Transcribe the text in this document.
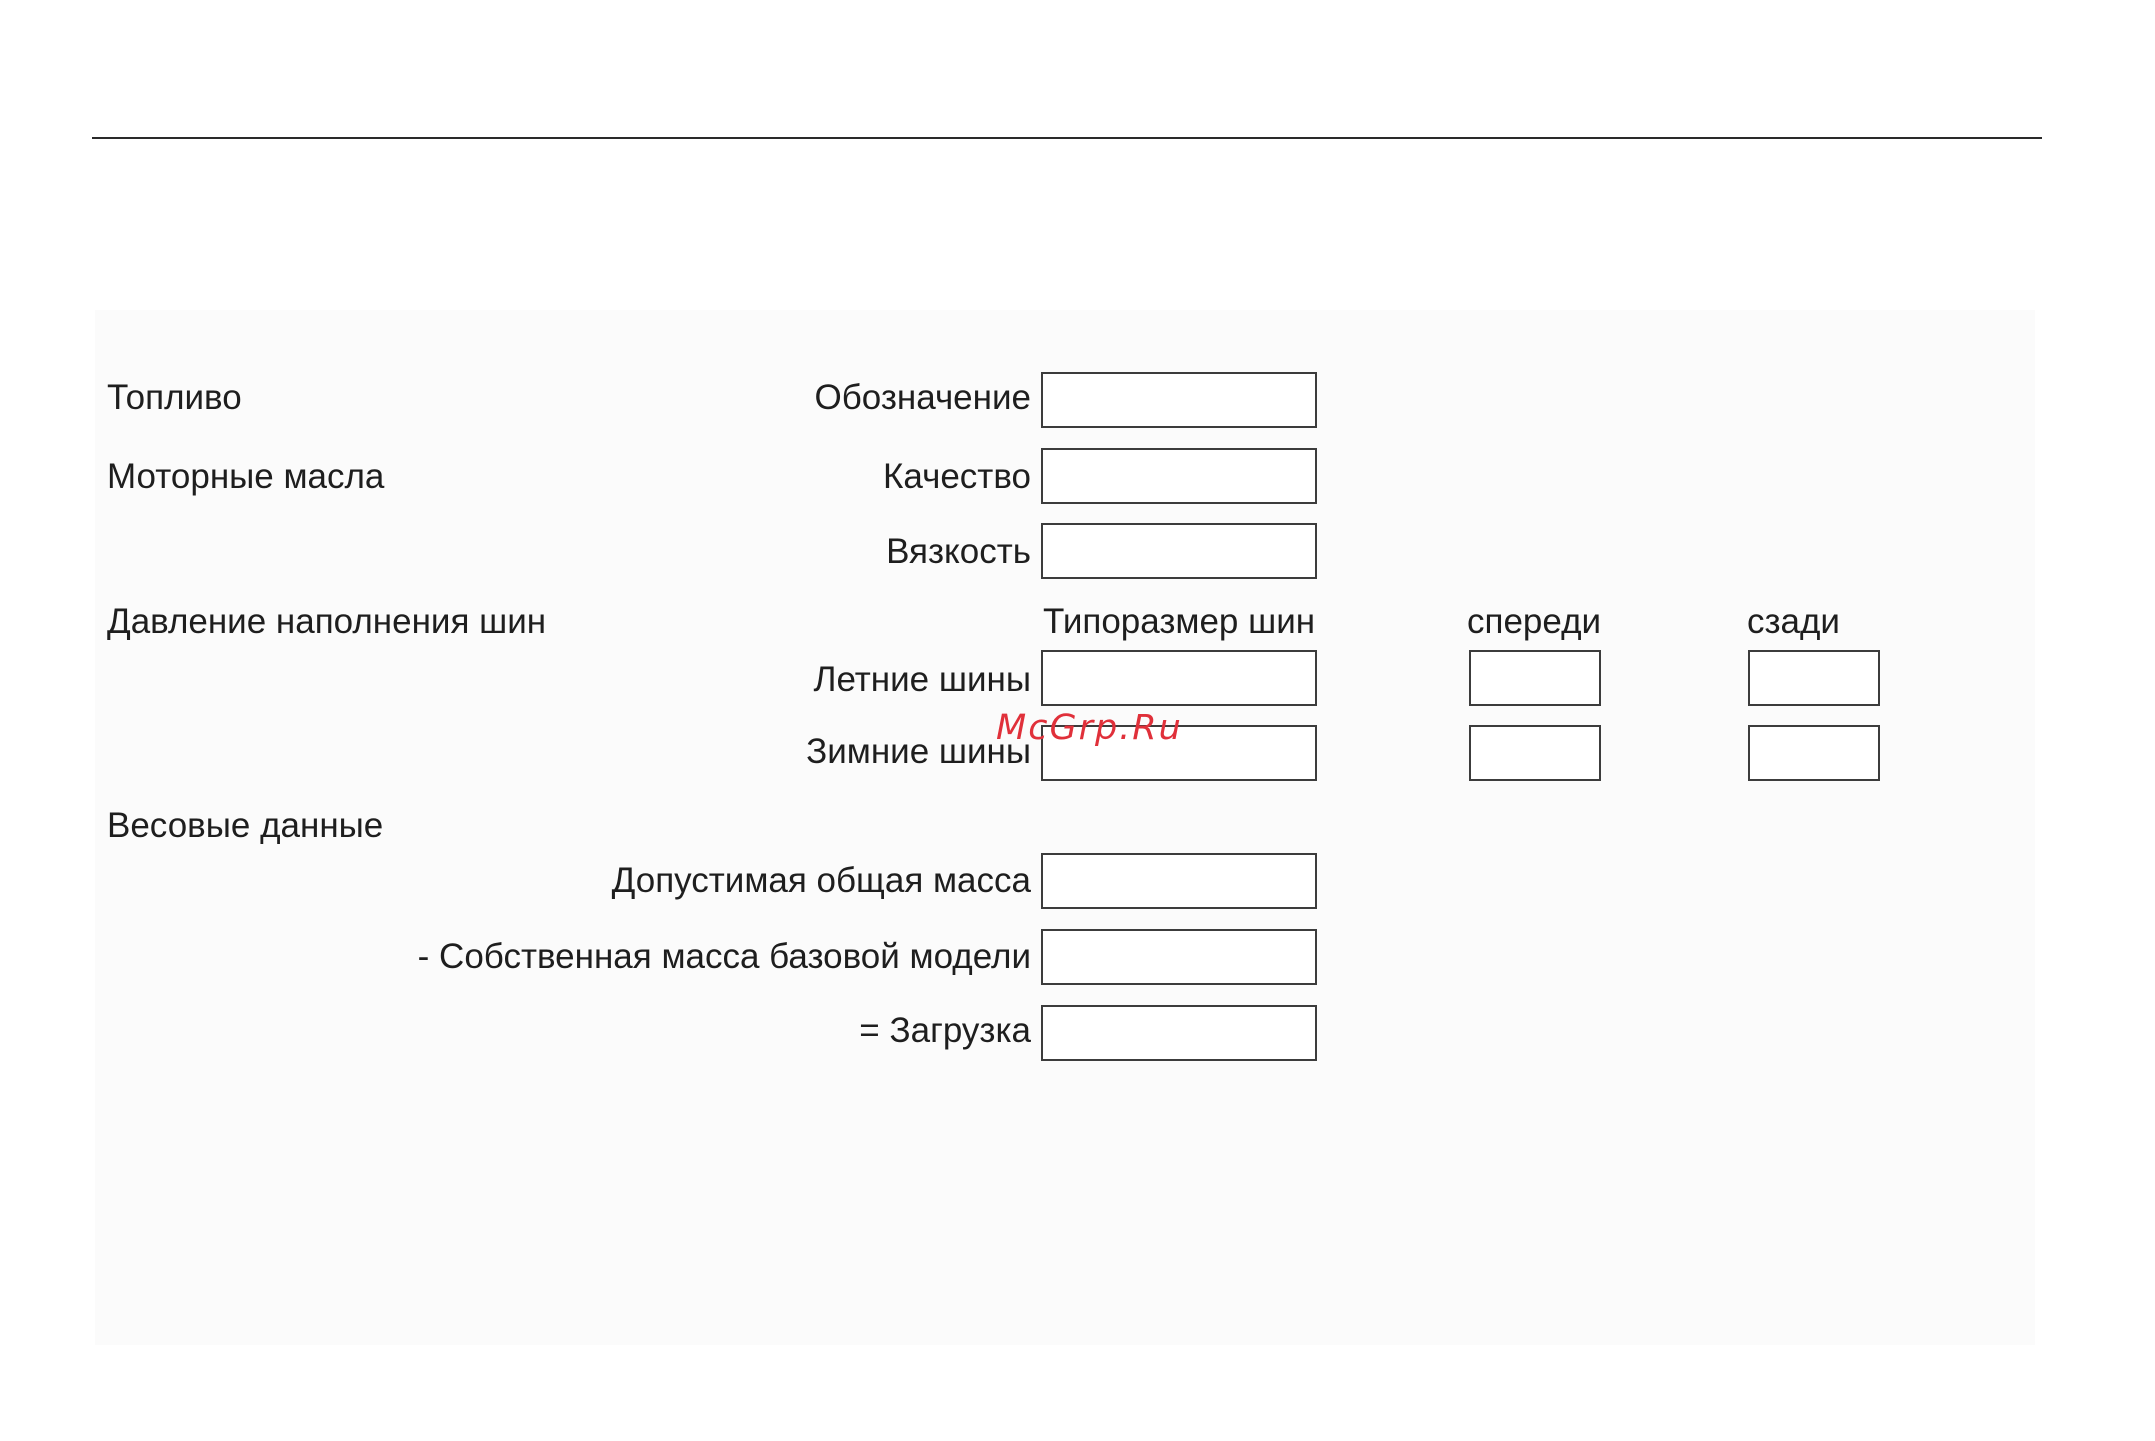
Топливо
Моторные масла
Давление наполнения шин
Весовые данные
Обозначение
Качество
Вязкость
Летние шины
Зимние шины
Допустимая общая масса
- Собственная масса базовой модели
= Загрузка
Типоразмер шин	спереди	сзади
McGrp.Ru
